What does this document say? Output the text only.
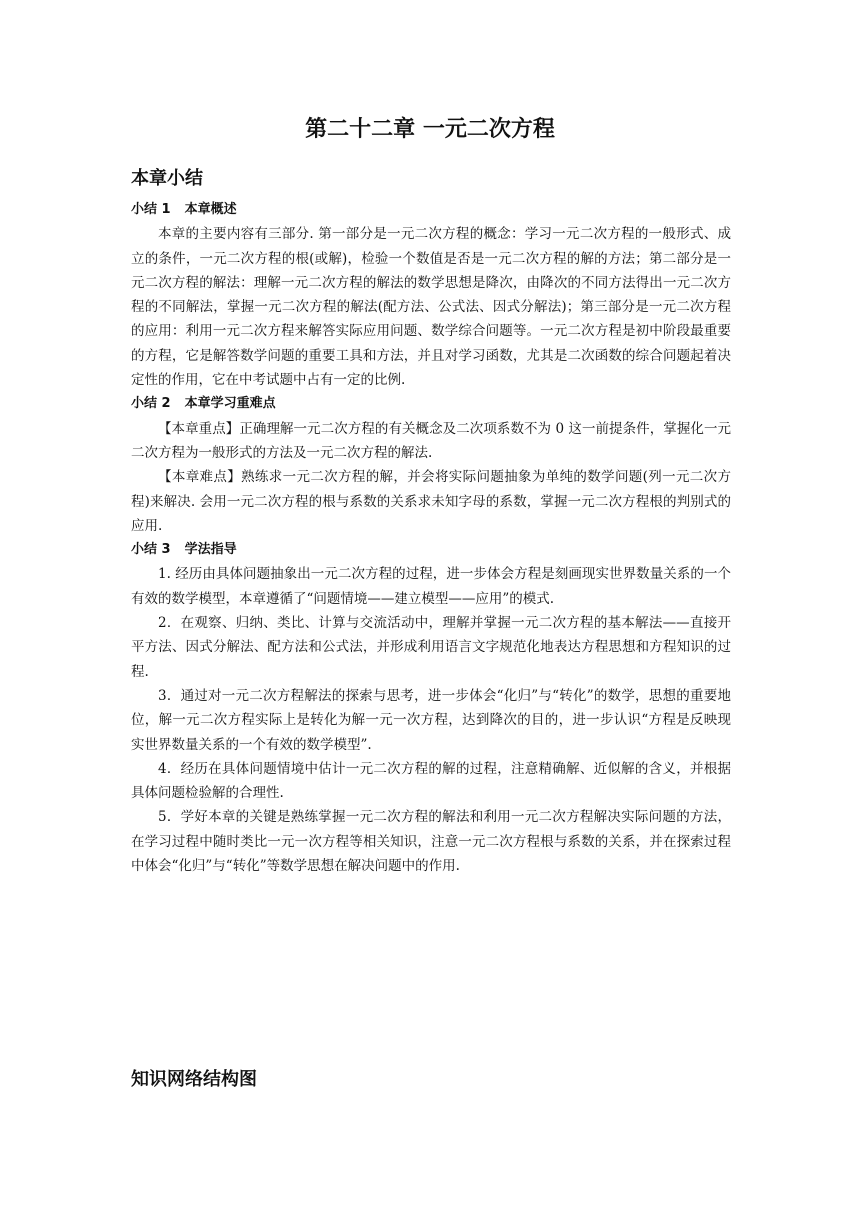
第二十二章 一元二次方程
本章小结
小结 1 本章概述

本章的主要内容有三部分. 第一部分是一元二次方程的概念：学习一元二次方程的一般形式、成立的条件，一元二次方程的根(或解)，检验一个数值是否是一元二次方程的解的方法；第二部分是一元二次方程的解法：理解一元二次方程的解法的数学思想是降次，由降次的不同方法得出一元二次方程的不同解法，掌握一元二次方程的解法(配方法、公式法、因式分解法)；第三部分是一元二次方程的应用：利用一元二次方程来解答实际应用问题、数学综合问题等。一元二次方程是初中阶段最重要的方程，它是解答数学问题的重要工具和方法，并且对学习函数，尤其是二次函数的综合问题起着决定性的作用，它在中考试题中占有一定的比例.

小结 2 本章学习重难点

【本章重点】正确理解一元二次方程的有关概念及二次项系数不为 0 这一前提条件，掌握化一元二次方程为一般形式的方法及一元二次方程的解法.

【本章难点】熟练求一元二次方程的解，并会将实际问题抽象为单纯的数学问题(列一元二次方程)来解决. 会用一元二次方程的根与系数的关系求未知字母的系数，掌握一元二次方程根的判别式的应用.

小结 3 学法指导

1. 经历由具体问题抽象出一元二次方程的过程，进一步体会方程是刻画现实世界数量关系的一个有效的数学模型，本章遵循了“问题情境——建立模型——应用”的模式.

2．在观察、归纳、类比、计算与交流活动中，理解并掌握一元二次方程的基本解法——直接开平方法、因式分解法、配方法和公式法，并形成利用语言文字规范化地表达方程思想和方程知识的过程.

3．通过对一元二次方程解法的探索与思考，进一步体会“化归”与“转化”的数学，思想的重要地位，解一元二次方程实际上是转化为解一元一次方程，达到降次的目的，进一步认识“方程是反映现实世界数量关系的一个有效的数学模型”.

4．经历在具体问题情境中估计一元二次方程的解的过程，注意精确解、近似解的含义，并根据具体问题检验解的合理性.

5．学好本章的关键是熟练掌握一元二次方程的解法和利用一元二次方程解决实际问题的方法，在学习过程中随时类比一元一次方程等相关知识，注意一元二次方程根与系数的关系，并在探索过程中体会“化归”与“转化”等数学思想在解决问题中的作用.

知识网络结构图
